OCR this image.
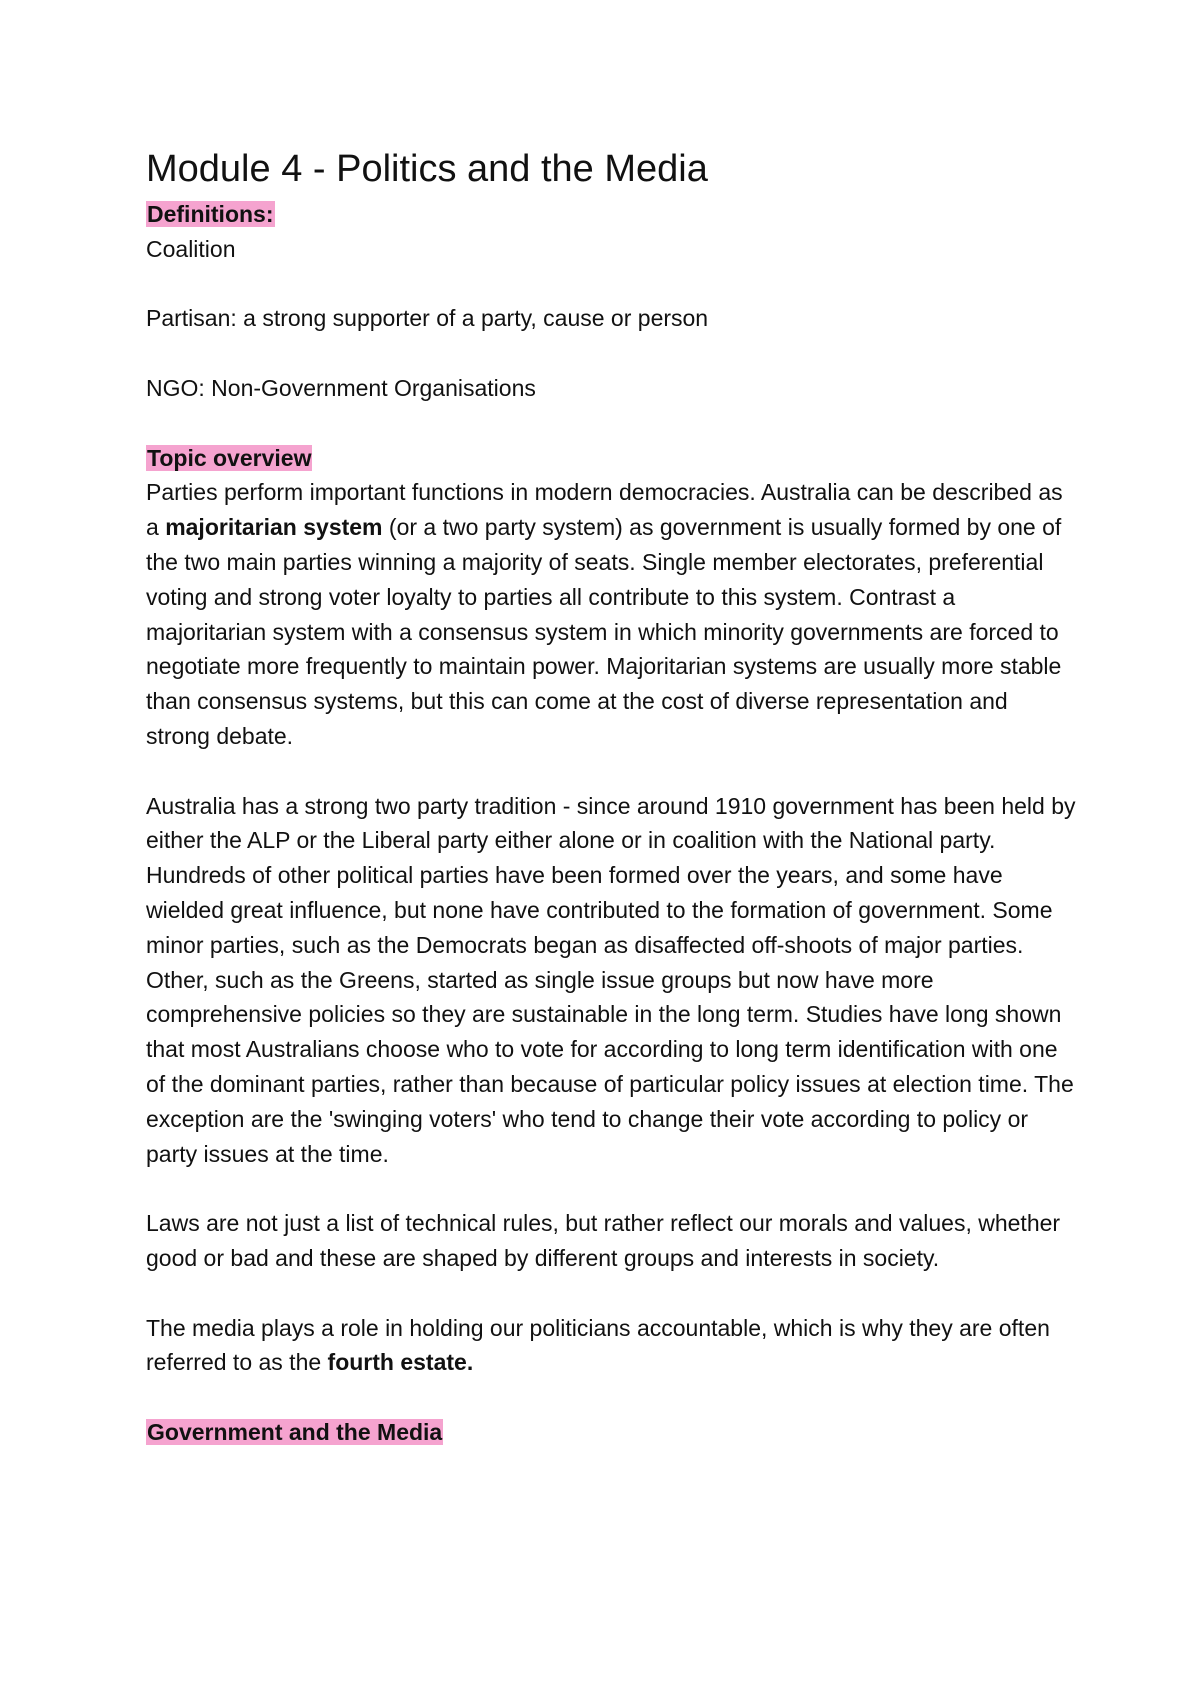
Module 4 - Politics and the Media

Definitions:

Coalition

Partisan: a strong supporter of a party, cause or person

NGO: Non-Government Organisations

Topic overview

Parties perform important functions in modern democracies. Australia can be described as a majoritarian system (or a two party system) as government is usually formed by one of the two main parties winning a majority of seats. Single member electorates, preferential voting and strong voter loyalty to parties all contribute to this system. Contrast a majoritarian system with a consensus system in which minority governments are forced to negotiate more frequently to maintain power. Majoritarian systems are usually more stable than consensus systems, but this can come at the cost of diverse representation and strong debate.

Australia has a strong two party tradition - since around 1910 government has been held by either the ALP or the Liberal party either alone or in coalition with the National party. Hundreds of other political parties have been formed over the years, and some have wielded great influence, but none have contributed to the formation of government. Some minor parties, such as the Democrats began as disaffected off-shoots of major parties. Other, such as the Greens, started as single issue groups but now have more comprehensive policies so they are sustainable in the long term. Studies have long shown that most Australians choose who to vote for according to long term identification with one of the dominant parties, rather than because of particular policy issues at election time. The exception are the 'swinging voters' who tend to change their vote according to policy or party issues at the time.

Laws are not just a list of technical rules, but rather reflect our morals and values, whether good or bad and these are shaped by different groups and interests in society.

The media plays a role in holding our politicians accountable, which is why they are often referred to as the fourth estate.

Government and the Media
